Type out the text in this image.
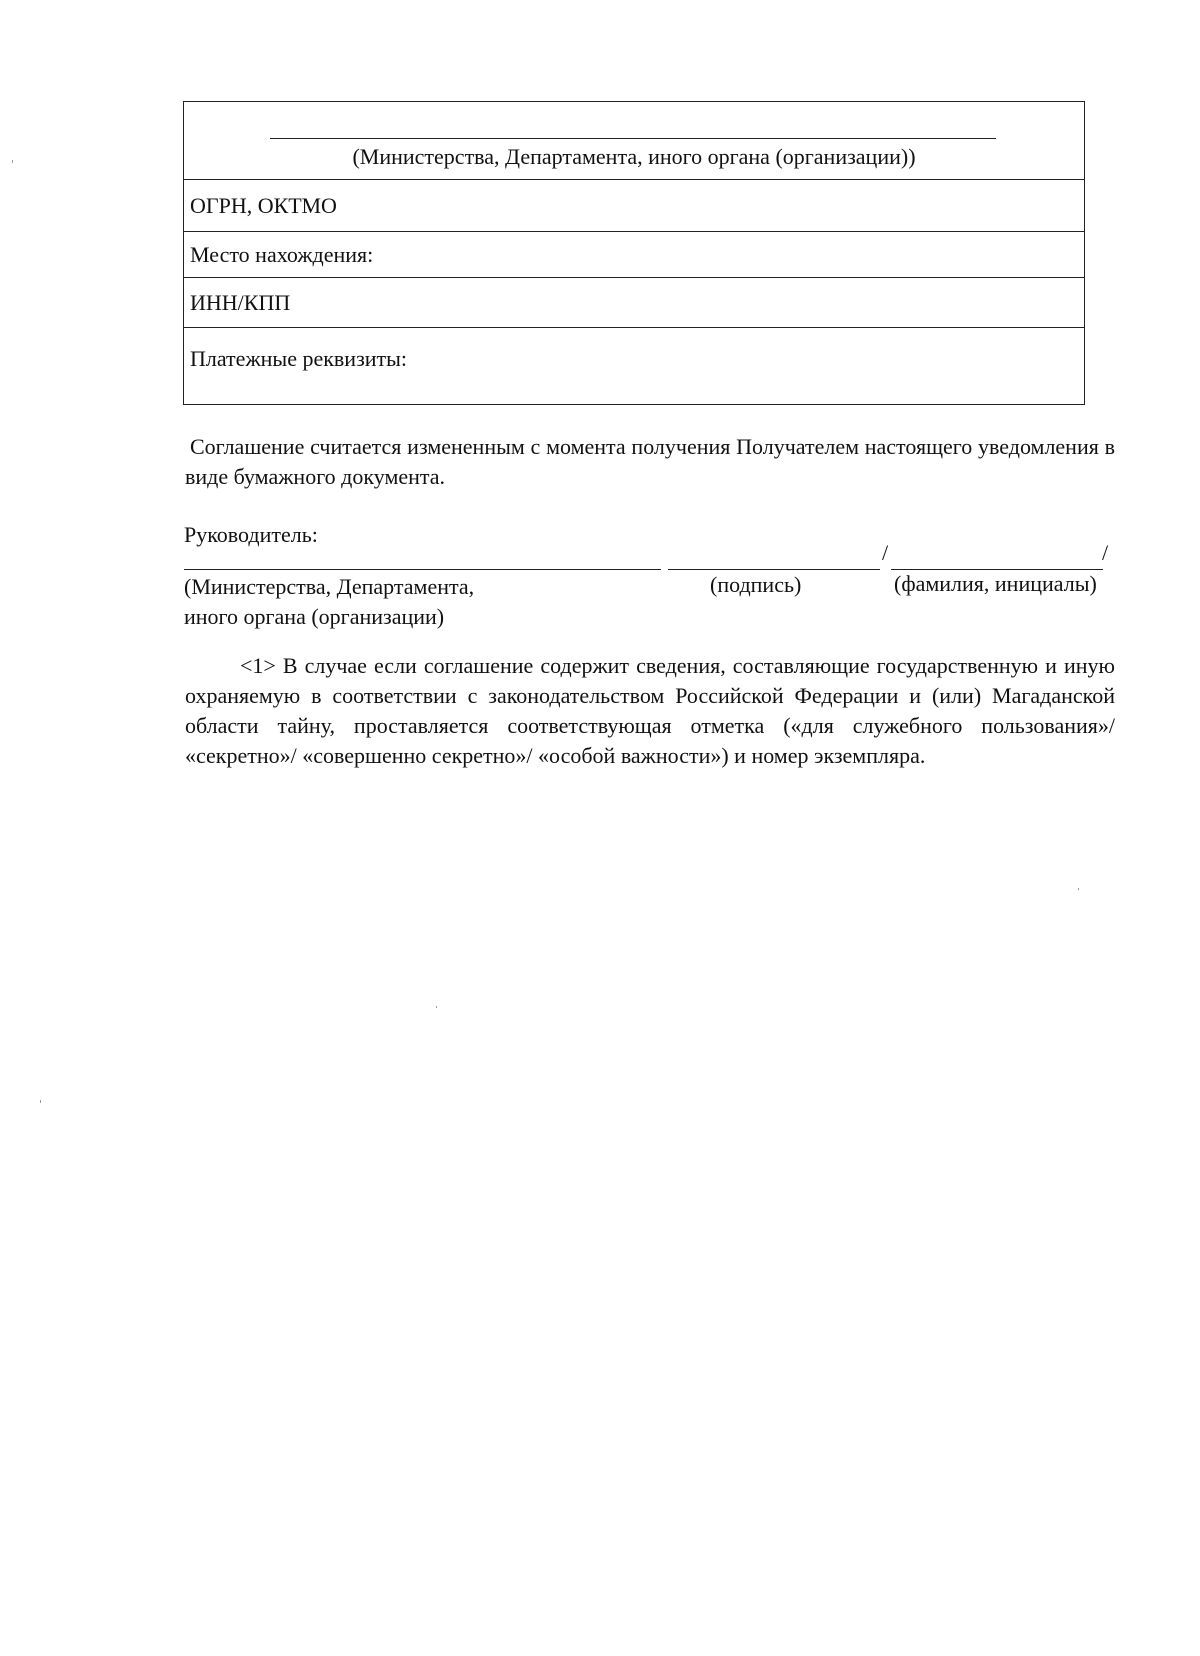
(Министерства, Департамента, иного органа (организации))
ОГРН, ОКТМО
Место нахождения:
ИНН/КПП
Платежные реквизиты:
Соглашение считается измененным с момента получения Получателем настоящего уведомления в виде бумажного документа.
Руководитель:
/	/
(Министерства, Департамента,
иного органа (организации)
(подпись)	(фамилия, инициалы)
<1> В случае если соглашение содержит сведения, составляющие государственную и иную охраняемую в соответствии с законодательством Российской Федерации и (или) Магаданской области тайну, проставляется соответствующая отметка («для служебного пользования»/ «секретно»/ «совершенно секретно»/ «особой важности») и номер экземпляра.
